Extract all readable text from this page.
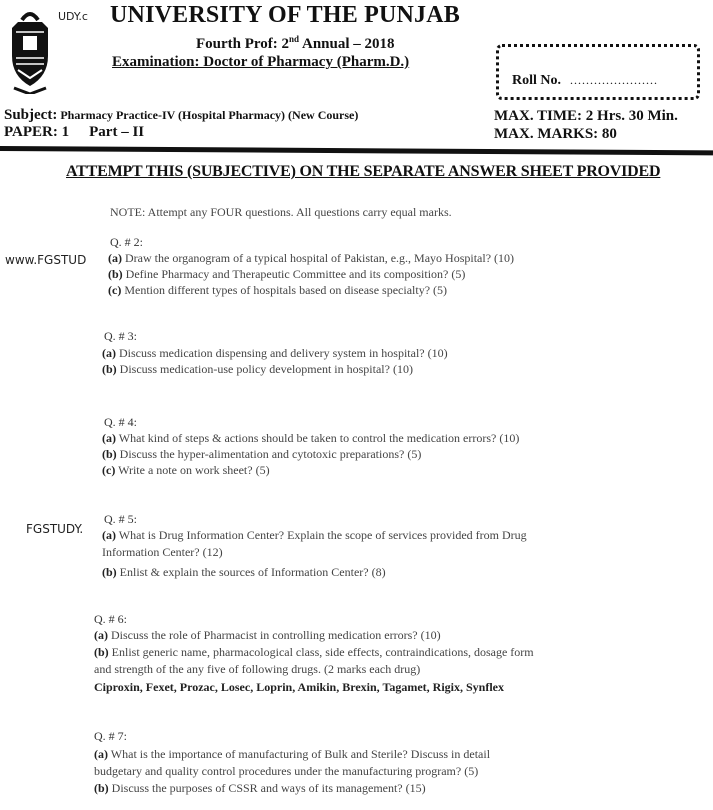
UDY.c UNIVERSITY OF THE PUNJAB
Fourth Prof: 2nd Annual – 2018
Examination: Doctor of Pharmacy (Pharm.D.)
Roll No. ......................
Subject: Pharmacy Practice-IV (Hospital Pharmacy) (New Course)
PAPER: 1 Part – II
MAX. TIME: 2 Hrs. 30 Min.
MAX. MARKS: 80
ATTEMPT THIS (SUBJECTIVE) ON THE SEPARATE ANSWER SHEET PROVIDED
NOTE: Attempt any FOUR questions. All questions carry equal marks.
www.FGSTUD
FGSTUDY.
Q. # 2:
(a) Draw the organogram of a typical hospital of Pakistan, e.g., Mayo Hospital? (10)
(b) Define Pharmacy and Therapeutic Committee and its composition? (5)
(c) Mention different types of hospitals based on disease specialty? (5)
Q. # 3:
(a) Discuss medication dispensing and delivery system in hospital? (10)
(b) Discuss medication-use policy development in hospital? (10)
Q. # 4:
(a) What kind of steps & actions should be taken to control the medication errors? (10)
(b) Discuss the hyper-alimentation and cytotoxic preparations? (5)
(c) Write a note on work sheet? (5)
Q. # 5:
(a) What is Drug Information Center? Explain the scope of services provided from Drug
Information Center? (12)
(b) Enlist & explain the sources of Information Center? (8)
Q. # 6:
(a) Discuss the role of Pharmacist in controlling medication errors? (10)
(b) Enlist generic name, pharmacological class, side effects, contraindications, dosage form
and strength of the any five of following drugs. (2 marks each drug)
Ciproxin, Fexet, Prozac, Losec, Loprin, Amikin, Brexin, Tagamet, Rigix, Synflex
Q. # 7:
(a) What is the importance of manufacturing of Bulk and Sterile? Discuss in detail
budgetary and quality control procedures under the manufacturing program? (5)
(b) Discuss the purposes of CSSR and ways of its management? (15)
